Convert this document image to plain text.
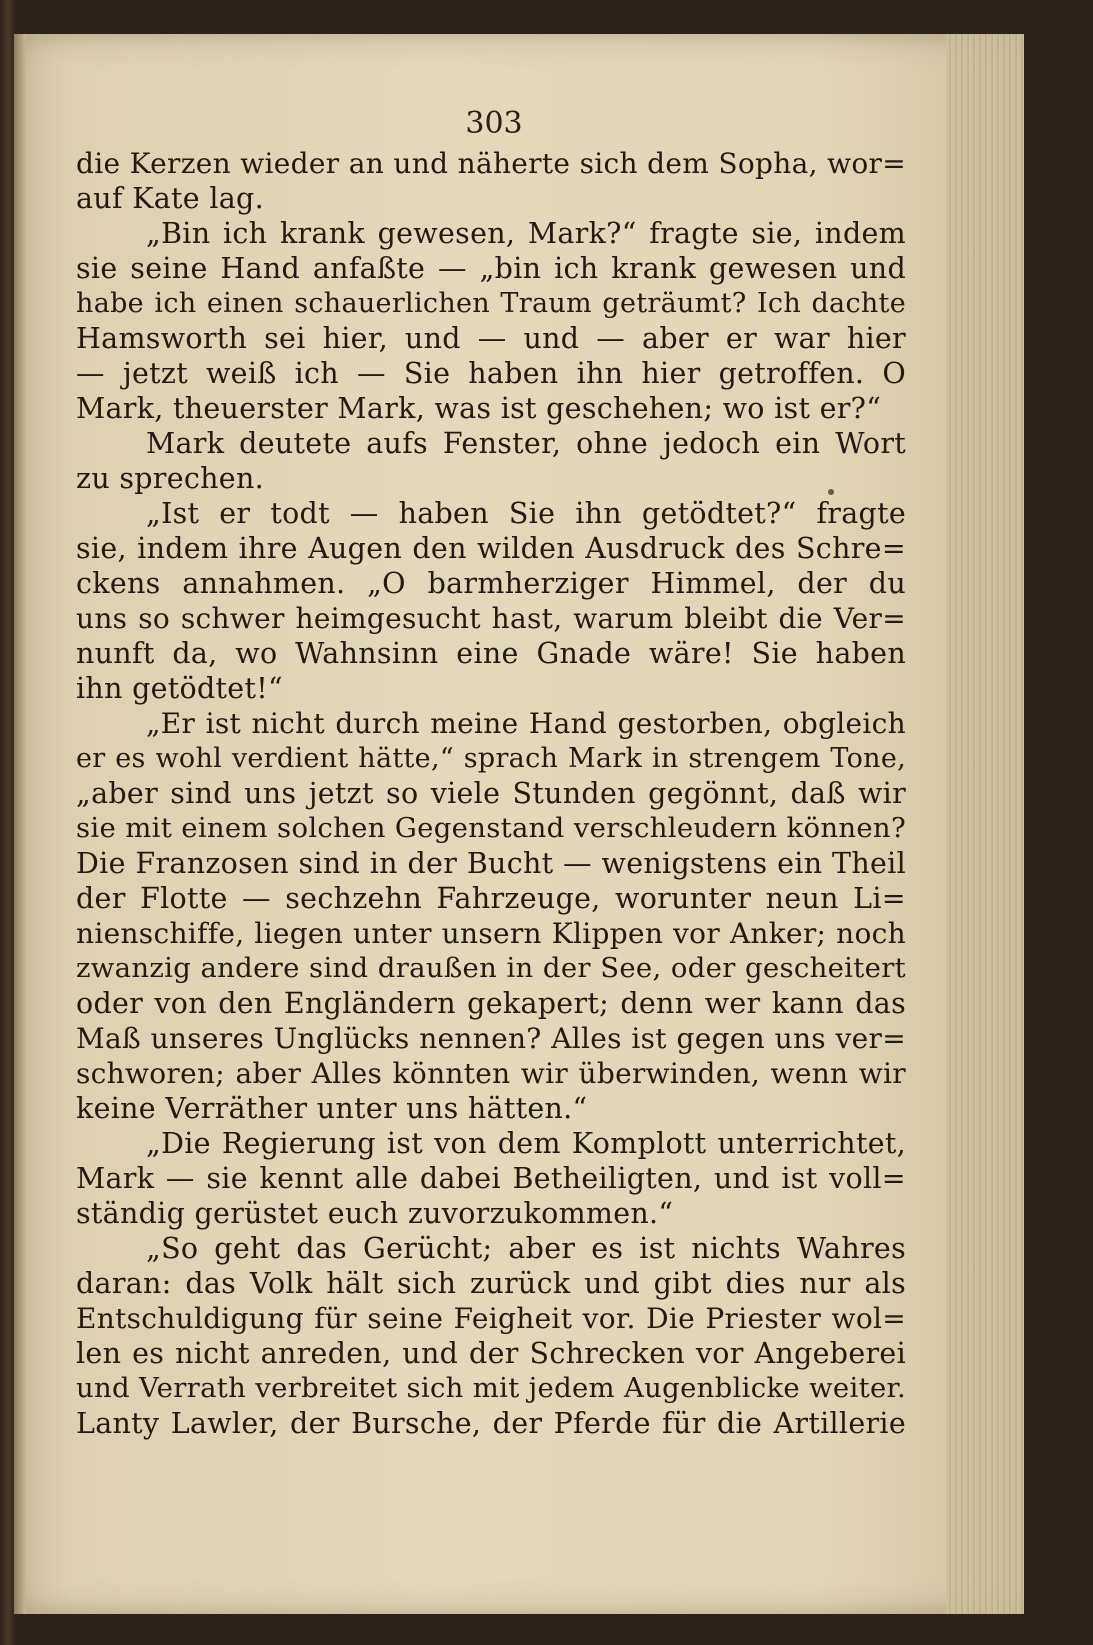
303
die Kerzen wieder an und näherte sich dem Sopha, wor=
auf Kate lag.
„Bin ich krank gewesen, Mark?“ fragte sie, indem
sie seine Hand anfaßte — „bin ich krank gewesen und
habe ich einen schauerlichen Traum geträumt? Ich dachte
Hamsworth sei hier, und — und — aber er war hier
— jetzt weiß ich — Sie haben ihn hier getroffen. O
Mark, theuerster Mark, was ist geschehen; wo ist er?“
Mark deutete aufs Fenster, ohne jedoch ein Wort
zu sprechen.
„Ist er todt — haben Sie ihn getödtet?“ fragte
sie, indem ihre Augen den wilden Ausdruck des Schre=
ckens annahmen. „O barmherziger Himmel, der du
uns so schwer heimgesucht hast, warum bleibt die Ver=
nunft da, wo Wahnsinn eine Gnade wäre! Sie haben
ihn getödtet!“
„Er ist nicht durch meine Hand gestorben, obgleich
er es wohl verdient hätte,“ sprach Mark in strengem Tone,
„aber sind uns jetzt so viele Stunden gegönnt, daß wir
sie mit einem solchen Gegenstand verschleudern können?
Die Franzosen sind in der Bucht — wenigstens ein Theil
der Flotte — sechzehn Fahrzeuge, worunter neun Li=
nienschiffe, liegen unter unsern Klippen vor Anker; noch
zwanzig andere sind draußen in der See, oder gescheitert
oder von den Engländern gekapert; denn wer kann das
Maß unseres Unglücks nennen? Alles ist gegen uns ver=
schworen; aber Alles könnten wir überwinden, wenn wir
keine Verräther unter uns hätten.“
„Die Regierung ist von dem Komplott unterrichtet,
Mark — sie kennt alle dabei Betheiligten, und ist voll=
ständig gerüstet euch zuvorzukommen.“
„So geht das Gerücht; aber es ist nichts Wahres
daran: das Volk hält sich zurück und gibt dies nur als
Entschuldigung für seine Feigheit vor. Die Priester wol=
len es nicht anreden, und der Schrecken vor Angeberei
und Verrath verbreitet sich mit jedem Augenblicke weiter.
Lanty Lawler, der Bursche, der Pferde für die Artillerie
